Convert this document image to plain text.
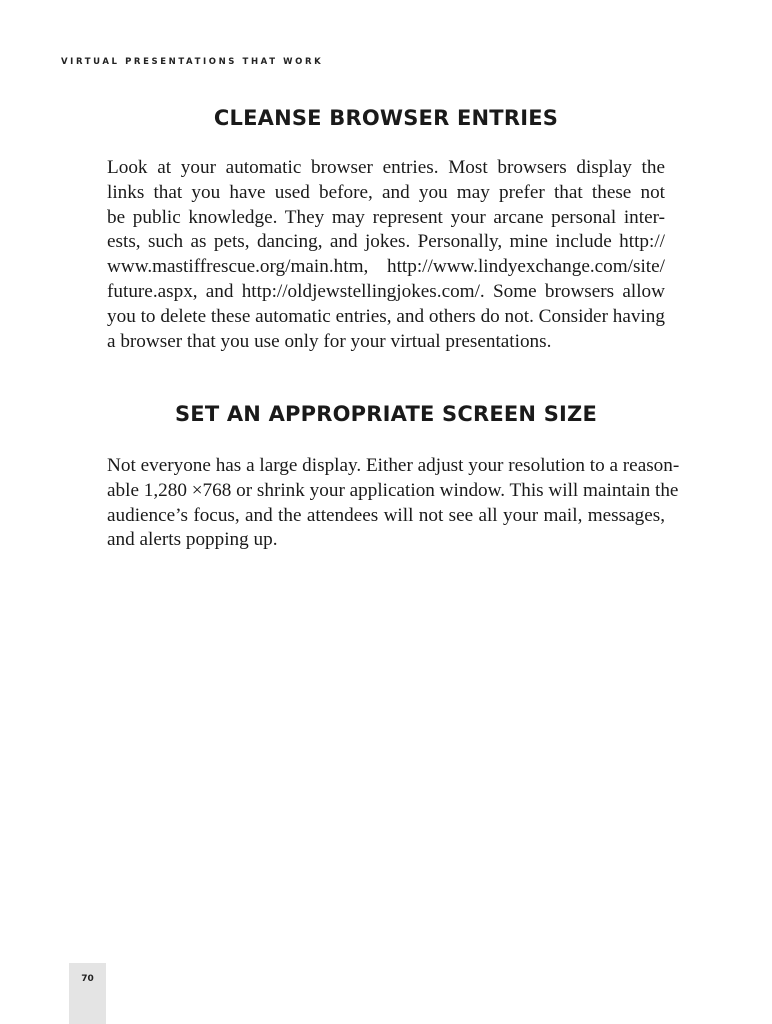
VIRTUAL PRESENTATIONS THAT WORK
CLEANSE BROWSER ENTRIES

Look at your automatic browser entries. Most browsers display the
links that you have used before, and you may prefer that these not
be public knowledge. They may represent your arcane personal inter-
ests, such as pets, dancing, and jokes. Personally, mine include http://
www.mastiffrescue.org/main.htm, http://www.lindyexchange.com/site/
future.aspx, and http://oldjewstellingjokes.com/. Some browsers allow
you to delete these automatic entries, and others do not. Consider having
a browser that you use only for your virtual presentations.

SET AN APPROPRIATE SCREEN SIZE

Not everyone has a large display. Either adjust your resolution to a reason-
able 1,280 ×768 or shrink your application window. This will maintain the
audience’s focus, and the attendees will not see all your mail, messages,
and alerts popping up.

70
